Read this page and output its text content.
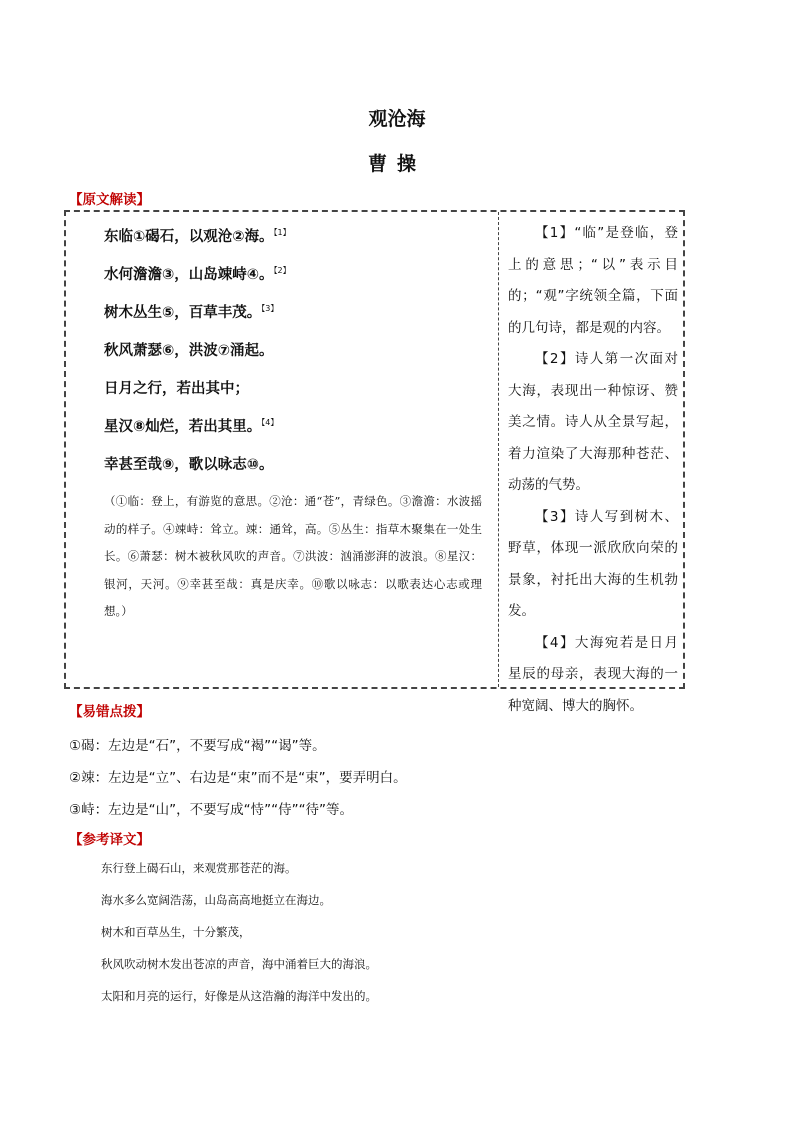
观沧海
曹操
【原文解读】
东临①碣石，以观沧②海。$^{【1】}$
水何澹澹③，山岛竦峙④。$^{【2】}$
树木丛生⑤，百草丰茂。$^{【3】}$
秋风萧瑟⑥，洪波⑦涌起。
日月之行，若出其中；
星汉⑧灿烂，若出其里。$^{【4】}$
幸甚至哉⑨，歌以咏志⑩。
（①临：登上，有游览的意思。②沧：通“苍”，青绿色。③澹澹：水波摇动的样子。④竦峙：耸立。竦：通耸，高。⑤丛生：指草木聚集在一处生长。⑥萧瑟：树木被秋风吹的声音。⑦洪波：汹涌澎湃的波浪。⑧星汉：银河，天河。⑨幸甚至哉：真是庆幸。⑩歌以咏志：以歌表达心志或理想。）

【1】“临”是登临，登上的意思；“以”表示目的；“观”字统领全篇，下面的几句诗，都是观的内容。

【2】诗人第一次面对大海，表现出一种惊讶、赞美之情。诗人从全景写起，着力渲染了大海那种苍茫、动荡的气势。

【3】诗人写到树木、野草，体现一派欣欣向荣的景象，衬托出大海的生机勃发。

【4】大海宛若是日月星辰的母亲，表现大海的一种宽阔、博大的胸怀。

【易错点拨】
①碣：左边是“石”，不要写成“褐”“谒”等。
②竦：左边是“立”、右边是“束”而不是“束”，要弄明白。
③峙：左边是“山”，不要写成“恃”“侍”“待”等。
【参考译文】
东行登上碣石山，来观赏那苍茫的海。
海水多么宽阔浩荡，山岛高高地挺立在海边。
树木和百草丛生，十分繁茂，
秋风吹动树木发出苍凉的声音，海中涌着巨大的海浪。
太阳和月亮的运行，好像是从这浩瀚的海洋中发出的。
